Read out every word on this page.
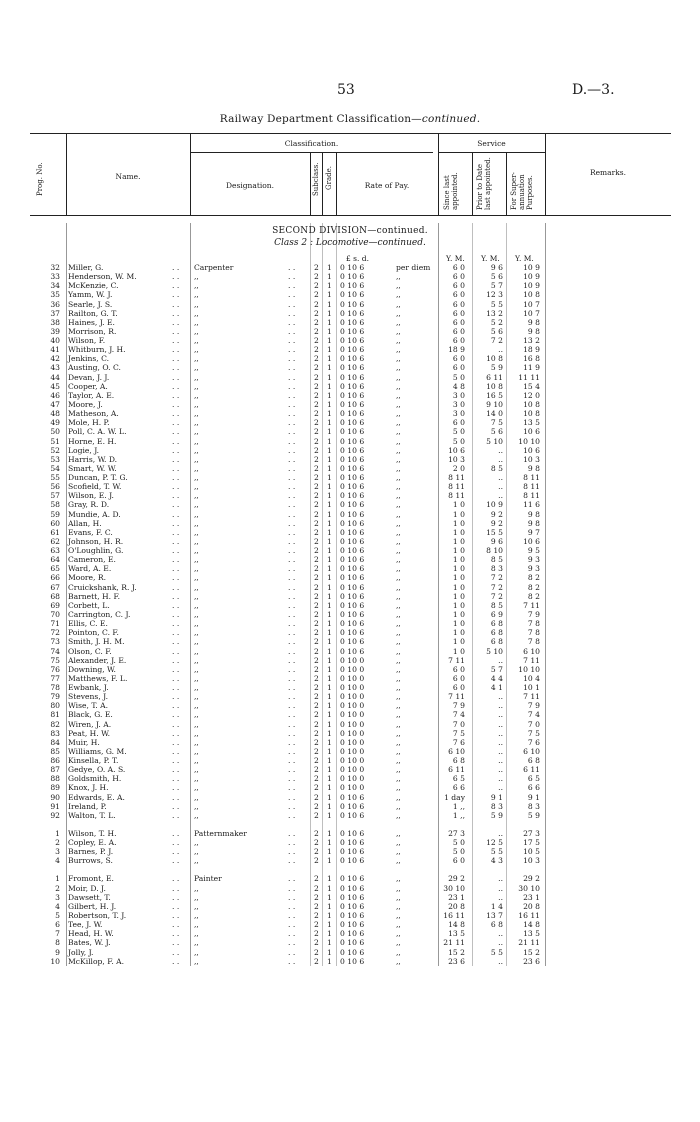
53	D.—3.
Railway Department Classification—continued.
Prog. No.	Name.
Classification.
Designation.	Subclass. Grade.	Rate of Pay.
Service
Since last appointed. Prior to Date last appointed.	For Super-annuation Purposes.
Remarks.
SECOND DIVISION—continued.
Class 2 : Locomotive—continued.
£ s. d.	Y. M. Y. M. Y. M.
32 Miller, G.	. . Carpenter	. . 2 1 0 10 6	per diem	6 0	9 6	10 9
33 Henderson, W. M.	. . ,,	. . 2 1 0 10 6	,,	6 0	5 6	10 9
34 McKenzie, C.	. . ,,	. . 2 1 0 10 6	,,	6 0	5 7	10 9
35 Yamm, W. J.	. . ,,	. . 2 1 0 10 6	,,	6 0	12 3	10 8
36 Searle, J. S.	. . ,,	. . 2 1 0 10 6	,,	6 0	5 5	10 7
37 Railton, G. T.	. . ,,	. . 2 1 0 10 6	,,	6 0	13 2	10 7
38 Haines, J. E.	. . ,,	. . 2 1 0 10 6	,,	6 0	5 2	9 8
39 Morrison, R.	. . ,,	. . 2 1 0 10 6	,,	6 0	5 6	9 8
40 Wilson, F.	. . ,,	. . 2 1 0 10 6	,,	6 0	7 2	13 2
41 Whitburn, J. H.	. . ,,	. . 2 1 0 10 6	,,	18 9	..	18 9
42 Jenkins, C.	. . ,,	. . 2 1 0 10 6	,,	6 0	10 8	16 8
43 Austing, O. C.	. . ,,	. . 2 1 0 10 6	,,	6 0	5 9	11 9
44 Devan, J. J.	. . ,,	. . 2 1 0 10 6	,,	5 0	6 11	11 11
45 Cooper, A.	. . ,,	. . 2 1 0 10 6	,,	4 8	10 8	15 4
46 Taylor, A. E.	. . ,,	. . 2 1 0 10 6	,,	3 0	16 5	12 0
47 Moore, J.	. . ,,	. . 2 1 0 10 6	,,	3 0	9 10	10 8
48 Matheson, A.	. . ,,	. . 2 1 0 10 6	,,	3 0	14 0	10 8
49 Mole, H. P.	. . ,,	. . 2 1 0 10 6	,,	6 0	7 5	13 5
50 Poll, C. A. W. L.	. . ,,	. . 2 1 0 10 6	,,	5 0	5 6	10 6
51 Horne, E. H.	. . ,,	. . 2 1 0 10 6	,,	5 0	5 10	10 10
52 Logie, J.	. . ,,	. . 2 1 0 10 6	,,	10 6	..	10 6
53 Harris, W. D.	. . ,,	. . 2 1 0 10 6	,,	10 3	..	10 3
54 Smart, W. W.	. . ,,	. . 2 1 0 10 6	,,	2 0	8 5	9 8
55 Duncan, P. T. G.	. . ,,	. . 2 1 0 10 6	,,	8 11	..	8 11
56 Scofield, T. W.	. . ,,	. . 2 1 0 10 6	,,	8 11	..	8 11
57 Wilson, E. J.	. . ,,	. . 2 1 0 10 6	,,	8 11	..	8 11
58 Gray, R. D.	. . ,,	. . 2 1 0 10 6	,,	1 0	10 9	11 6
59 Mundie, A. D.	. . ,,	. . 2 1 0 10 6	,,	1 0	9 2	9 8
60 Allan, H.	. . ,,	. . 2 1 0 10 6	,,	1 0	9 2	9 8
61 Evans, F. C.	. . ,,	. . 2 1 0 10 6	,,	1 0	15 5	9 7
62 Johnson, H. R.	. . ,,	. . 2 1 0 10 6	,,	1 0	9 6	10 6
63 O'Loughlin, G.	. . ,,	. . 2 1 0 10 6	,,	1 0	8 10	9 5
64 Cameron, E.	. . ,,	. . 2 1 0 10 6	,,	1 0	8 5	9 3
65 Ward, A. E.	. . ,,	. . 2 1 0 10 6	,,	1 0	8 3	9 3
66 Moore, R.	. . ,,	. . 2 1 0 10 6	,,	1 0	7 2	8 2
67 Cruickshank, R. J.	. . ,,	. . 2 1 0 10 6	,,	1 0	7 2	8 2
68 Barnett, H. F.	. . ,,	. . 2 1 0 10 6	,,	1 0	7 2	8 2
69 Corbett, L.	. . ,,	. . 2 1 0 10 6	,,	1 0	8 5	7 11
70 Carrington, C. J.	. . ,,	. . 2 1 0 10 6	,,	1 0	6 9	7 9
71 Ellis, C. E.	. . ,,	. . 2 1 0 10 6	,,	1 0	6 8	7 8
72 Pointon, C. F.	. . ,,	. . 2 1 0 10 6	,,	1 0	6 8	7 8
73 Smith, J. H. M.	. . ,,	. . 2 1 0 10 6	,,	1 0	6 8	7 8
74 Olson, C. F.	. . ,,	. . 2 1 0 10 6	,,	1 0	5 10	6 10
75 Alexander, J. E.	. . ,,	. . 2 1 0 10 0	,,	7 11	..	7 11
76 Downing, W.	. . ,,	. . 2 1 0 10 0	,,	6 0	5 7	10 10
77 Matthews, F. L.	. . ,,	. . 2 1 0 10 0	,,	6 0	4 4	10 4
78 Ewbank, J.	. . ,,	. . 2 1 0 10 0	,,	6 0	4 1	10 1
79 Stevens, J.	. . ,,	. . 2 1 0 10 0	,,	7 11	..	7 11
80 Wise, T. A.	. . ,,	. . 2 1 0 10 0	,,	7 9	..	7 9
81 Black, G. E.	. . ,,	. . 2 1 0 10 0	,,	7 4	..	7 4
82 Wiren, J. A.	. . ,,	. . 2 1 0 10 0	,,	7 0	..	7 0
83 Peat, H. W.	. . ,,	. . 2 1 0 10 0	,,	7 5	..	7 5
84 Muir, H.	. . ,,	. . 2 1 0 10 0	,,	7 6	..	7 6
85 Williams, G. M.	. . ,,	. . 2 1 0 10 0	,,	6 10	..	6 10
86 Kinsella, P. T.	. . ,,	. . 2 1 0 10 0	,,	6 8	..	6 8
87 Gedye, O. A. S.	. . ,,	. . 2 1 0 10 0	,,	6 11	..	6 11
88 Goldsmith, H.	. . ,,	. . 2 1 0 10 0	,,	6 5	..	6 5
89 Knox, J. H.	. . ,,	. . 2 1 0 10 0	,,	6 6	..	6 6
90 Edwards, E. A.	. . ,,	. . 2 1 0 10 6	,,	1 day	9 1	9 1
91 Ireland, P.	. . ,,	. . 2 1 0 10 6	,,	1 ,,	8 3	8 3
92 Walton, T. L.	. . ,,	. . 2 1 0 10 6	,,	1 ,,	5 9	5 9
1 Wilson, T. H.	. . Patternmaker	. . 2 1 0 10 6	,,	27 3	..	27 3
2 Copley, E. A.	. . ,,	. . 2 1 0 10 6	,,	5 0	12 5	17 5
3 Barnes, P. J.	. . ,,	. . 2 1 0 10 6	,,	5 0	5 5	10 5
4 Burrows, S.	. . ,,	. . 2 1 0 10 6	,,	6 0	4 3	10 3
1 Fromont, E.	. . Painter	. . 2 1 0 10 6	,,	29 2	..	29 2
2 Moir, D. J.	. . ,,	. . 2 1 0 10 6	,,	30 10	..	30 10
3 Dawsett, T.	. . ,,	. . 2 1 0 10 6	,,	23 1	..	23 1
4 Gilbert, H. J.	. . ,,	. . 2 1 0 10 6	,,	20 8	1 4	20 8
5 Robertson, T. J.	. . ,,	. . 2 1 0 10 6	,,	16 11	13 7	16 11
6 Tee, J. W.	. . ,,	. . 2 1 0 10 6	,,	14 8	6 8	14 8
7 Head, H. W.	. . ,,	. . 2 1 0 10 6	,,	13 5	..	13 5
8 Bates, W. J.	. . ,,	. . 2 1 0 10 6	,,	21 11	..	21 11
9 Jolly, J.	. . ,,	. . 2 1 0 10 6	,,	15 2	5 5	15 2
10 McKillop, F. A.	. . ,,	. . 2 1 0 10 6	,,	23 6	..	23 6
